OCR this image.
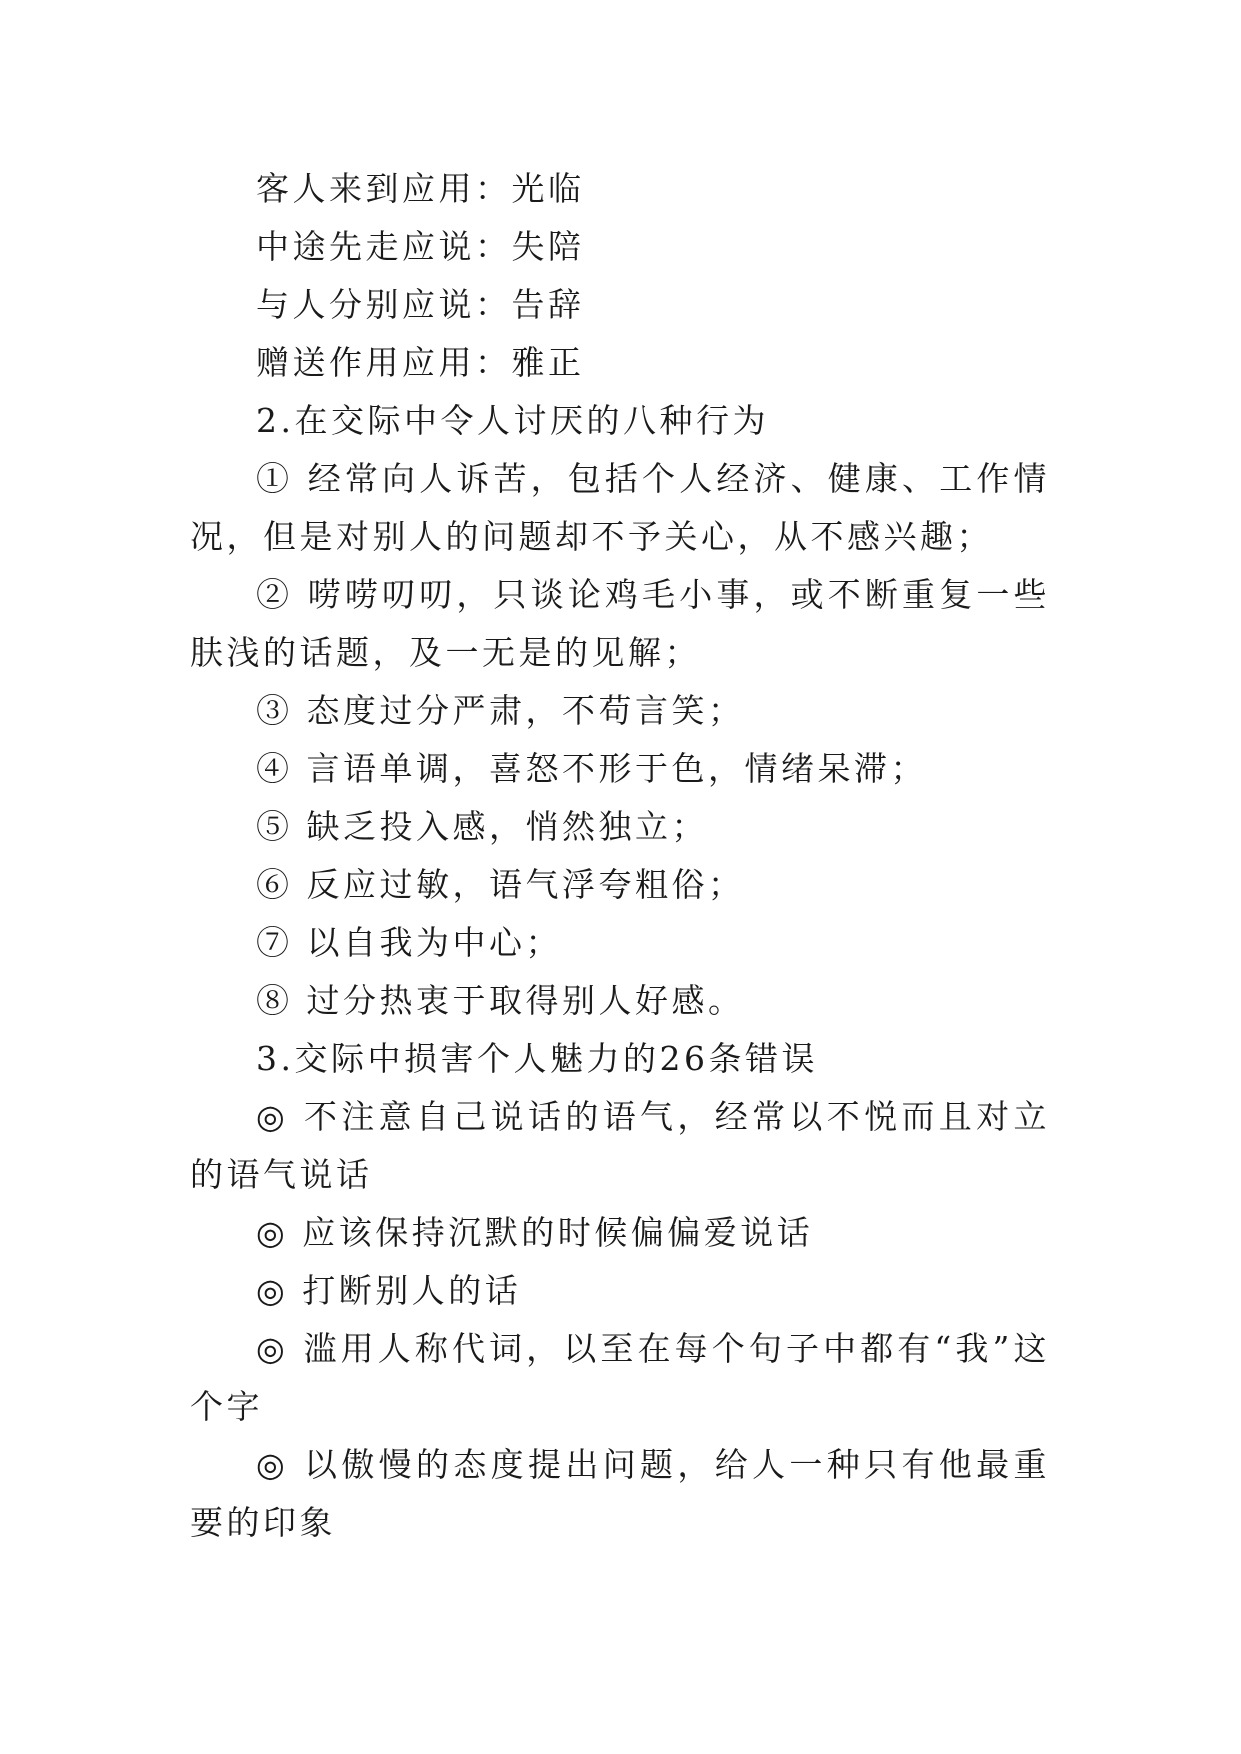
客人来到应用：光临

中途先走应说：失陪

与人分别应说：告辞

赠送作用应用：雅正

2.在交际中令人讨厌的八种行为

① 经常向人诉苦，包括个人经济、健康、工作情况，但是对别人的问题却不予关心，从不感兴趣；

② 唠唠叨叨，只谈论鸡毛小事，或不断重复一些肤浅的话题，及一无是的见解；

③ 态度过分严肃，不苟言笑；

④ 言语单调，喜怒不形于色，情绪呆滞；

⑤ 缺乏投入感，悄然独立；

⑥ 反应过敏，语气浮夸粗俗；

⑦ 以自我为中心；

⑧ 过分热衷于取得别人好感。

3.交际中损害个人魅力的26条错误

◎ 不注意自己说话的语气，经常以不悦而且对立的语气说话

◎ 应该保持沉默的时候偏偏爱说话

◎ 打断别人的话

◎ 滥用人称代词，以至在每个句子中都有“我”这个字

◎ 以傲慢的态度提出问题，给人一种只有他最重要的印象
